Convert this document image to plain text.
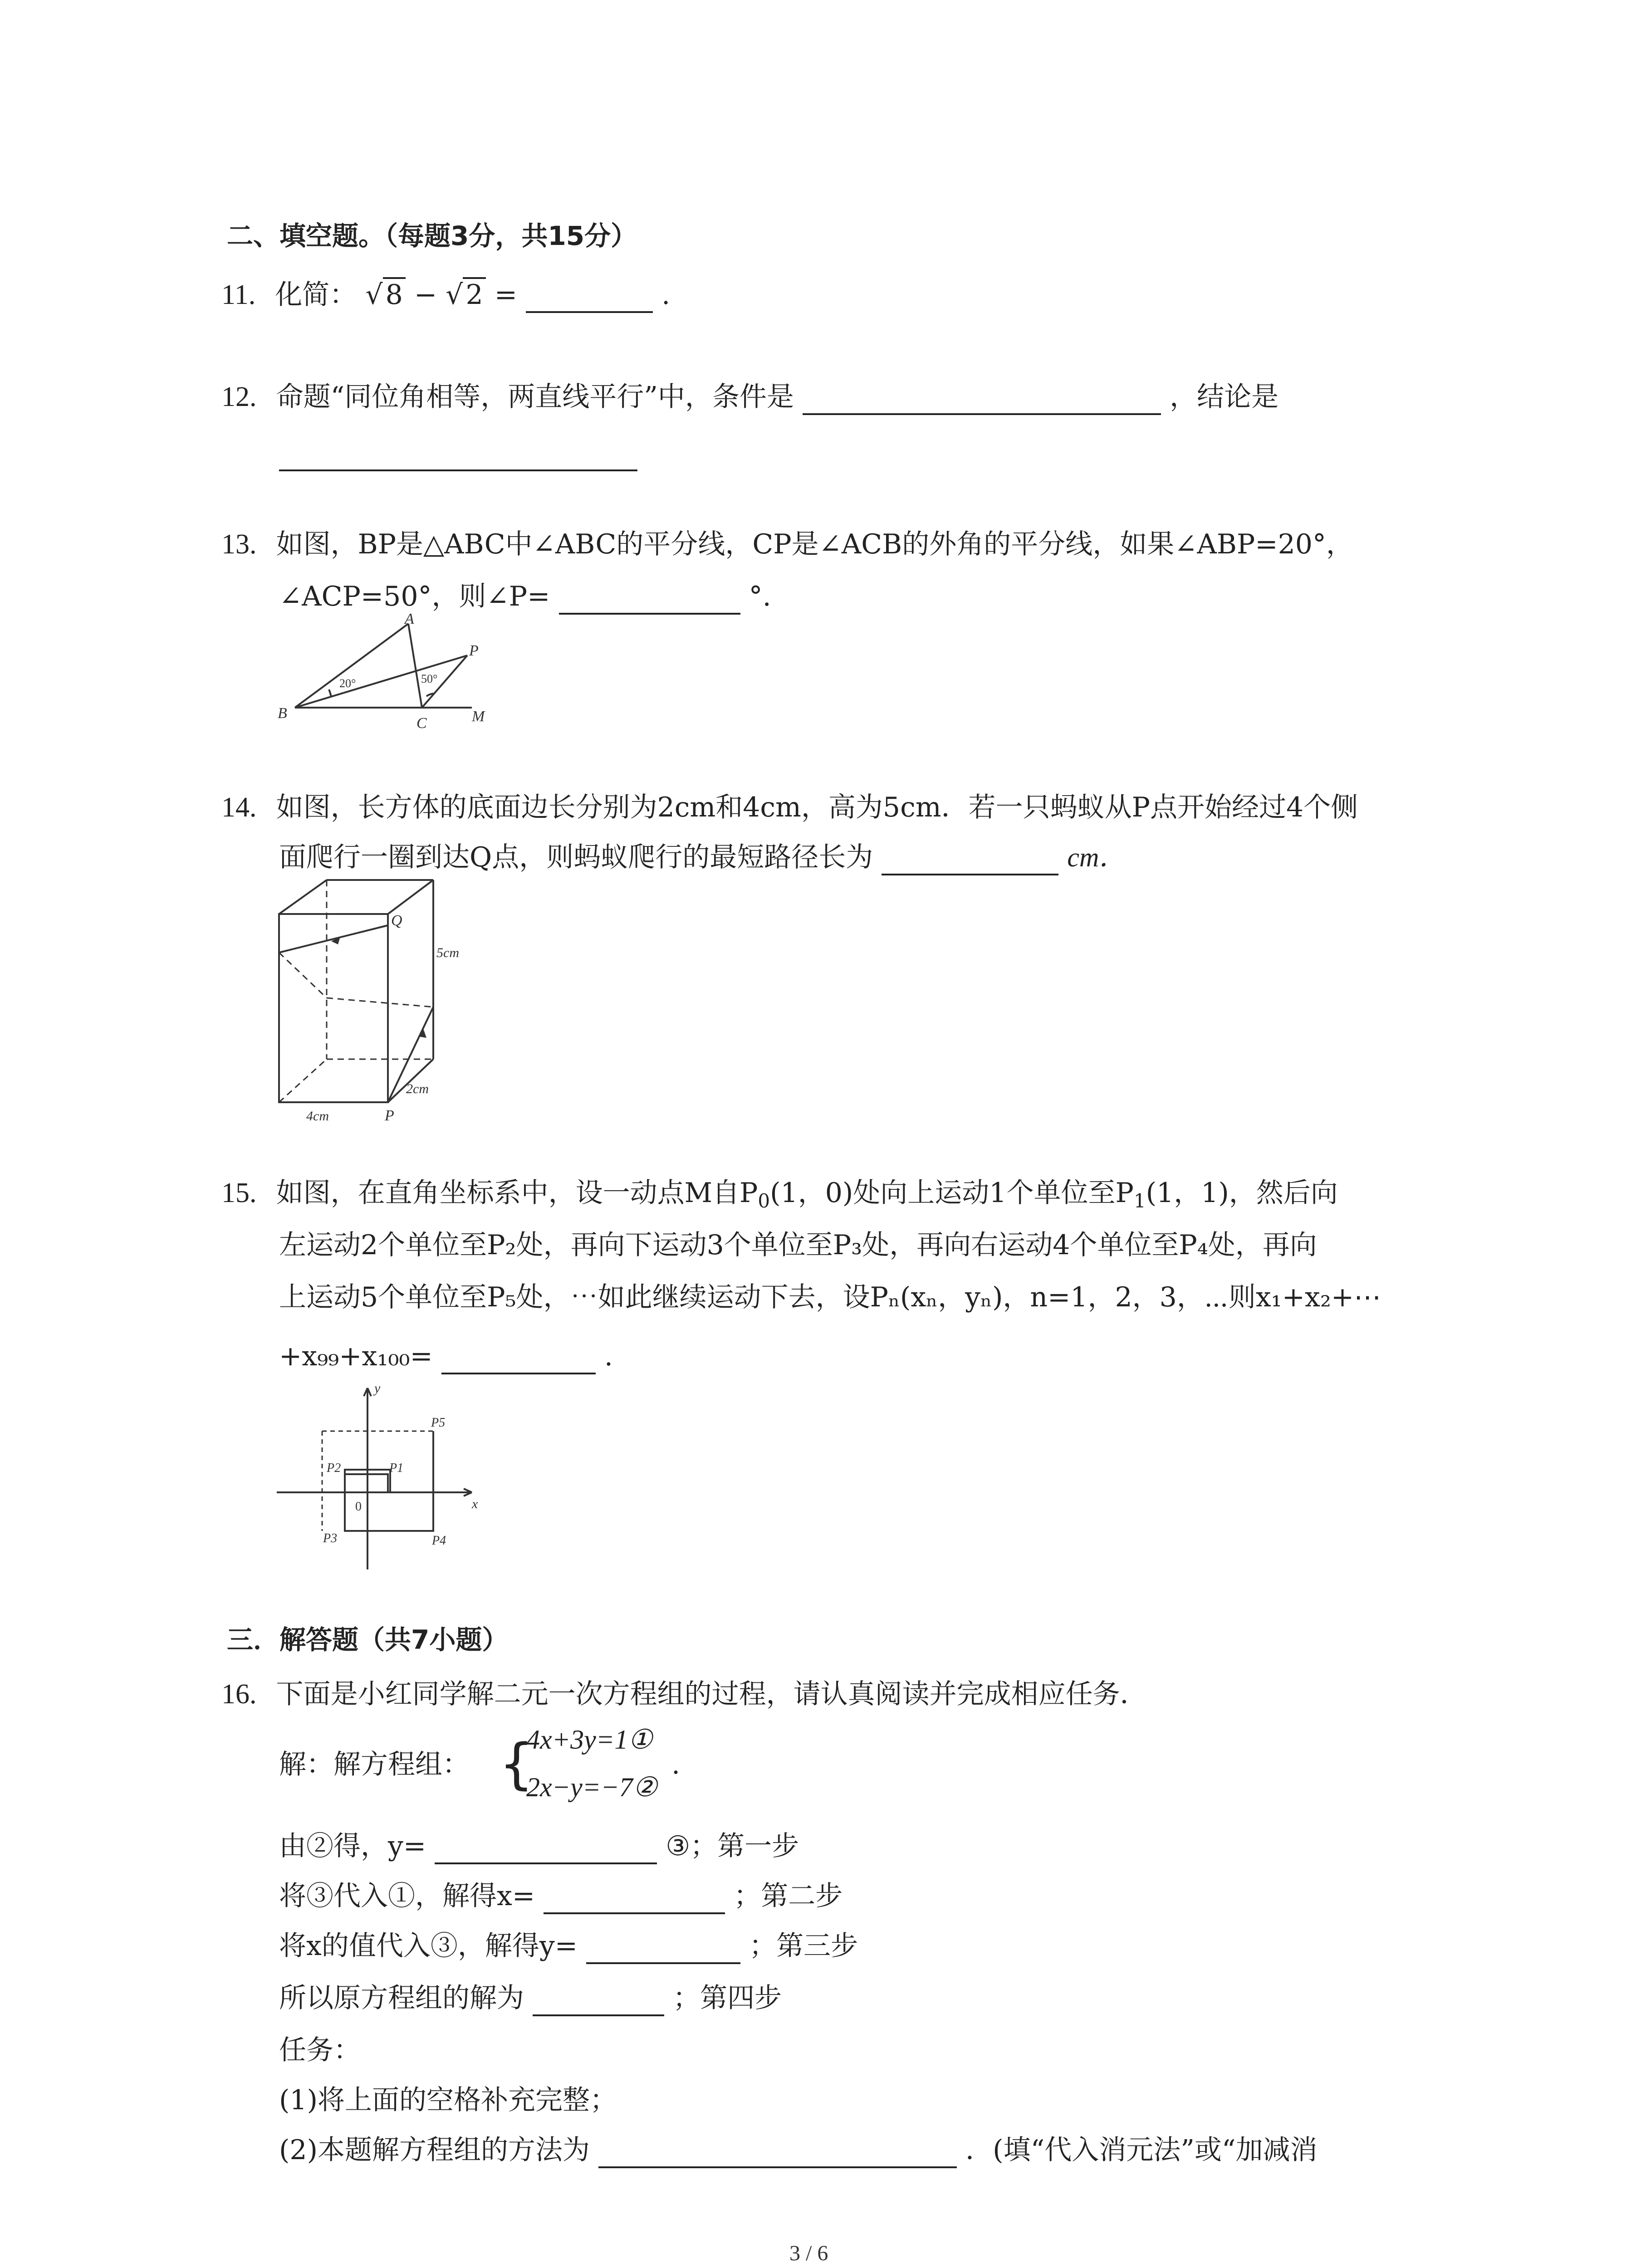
二、填空题。（每题3分，共15分）
11. 化简： √ 8 − √ 2 =	.
12. 命题“同位角相等，两直线平行”中，条件是	，结论是
13. 如图，BP是△ABC中∠ABC的平分线，CP是∠ACB的外角的平分线，如果∠ABP=20°，
∠ACP=50°，则∠P=	°.
A
P
B
C	M
20°	50°
14. 如图，长方体的底面边长分别为2cm和4cm，高为5cm．若一只蚂蚁从P点开始经过4个侧
面爬行一圈到达Q点，则蚂蚁爬行的最短路径长为	cm．
Q
P
5cm
4cm
2cm
15. 如图，在直角坐标系中，设一动点M自$P_0(1$，0)处向上运动1个单位至$P_1(1$，1)，然后向
左运动2个单位至P₂处，再向下运动3个单位至P₃处，再向右运动4个单位至P₄处，再向
上运动5个单位至P₅处，⋯如此继续运动下去，设Pₙ(xₙ，yₙ)，n=1，2，3，⋯则x₁+x₂+⋯
+x₉₉+x₁₀₀=	.
y
x
0
P1
P2
P3	P4
P5
三．解答题（共7小题）
16. 下面是小红同学解二元一次方程组的过程，请认真阅读并完成相应任务．
解：解方程组： {
4x+3y=1①
2x−y=−7②
.
由②得，y=	③；第一步
将③代入①，解得x=	；第二步
将x的值代入③，解得y=	；第三步
所以原方程组的解为	；第四步
任务：
(1)将上面的空格补充完整；
(2)本题解方程组的方法为	．(填“代入消元法”或“加减消
3 / 6
